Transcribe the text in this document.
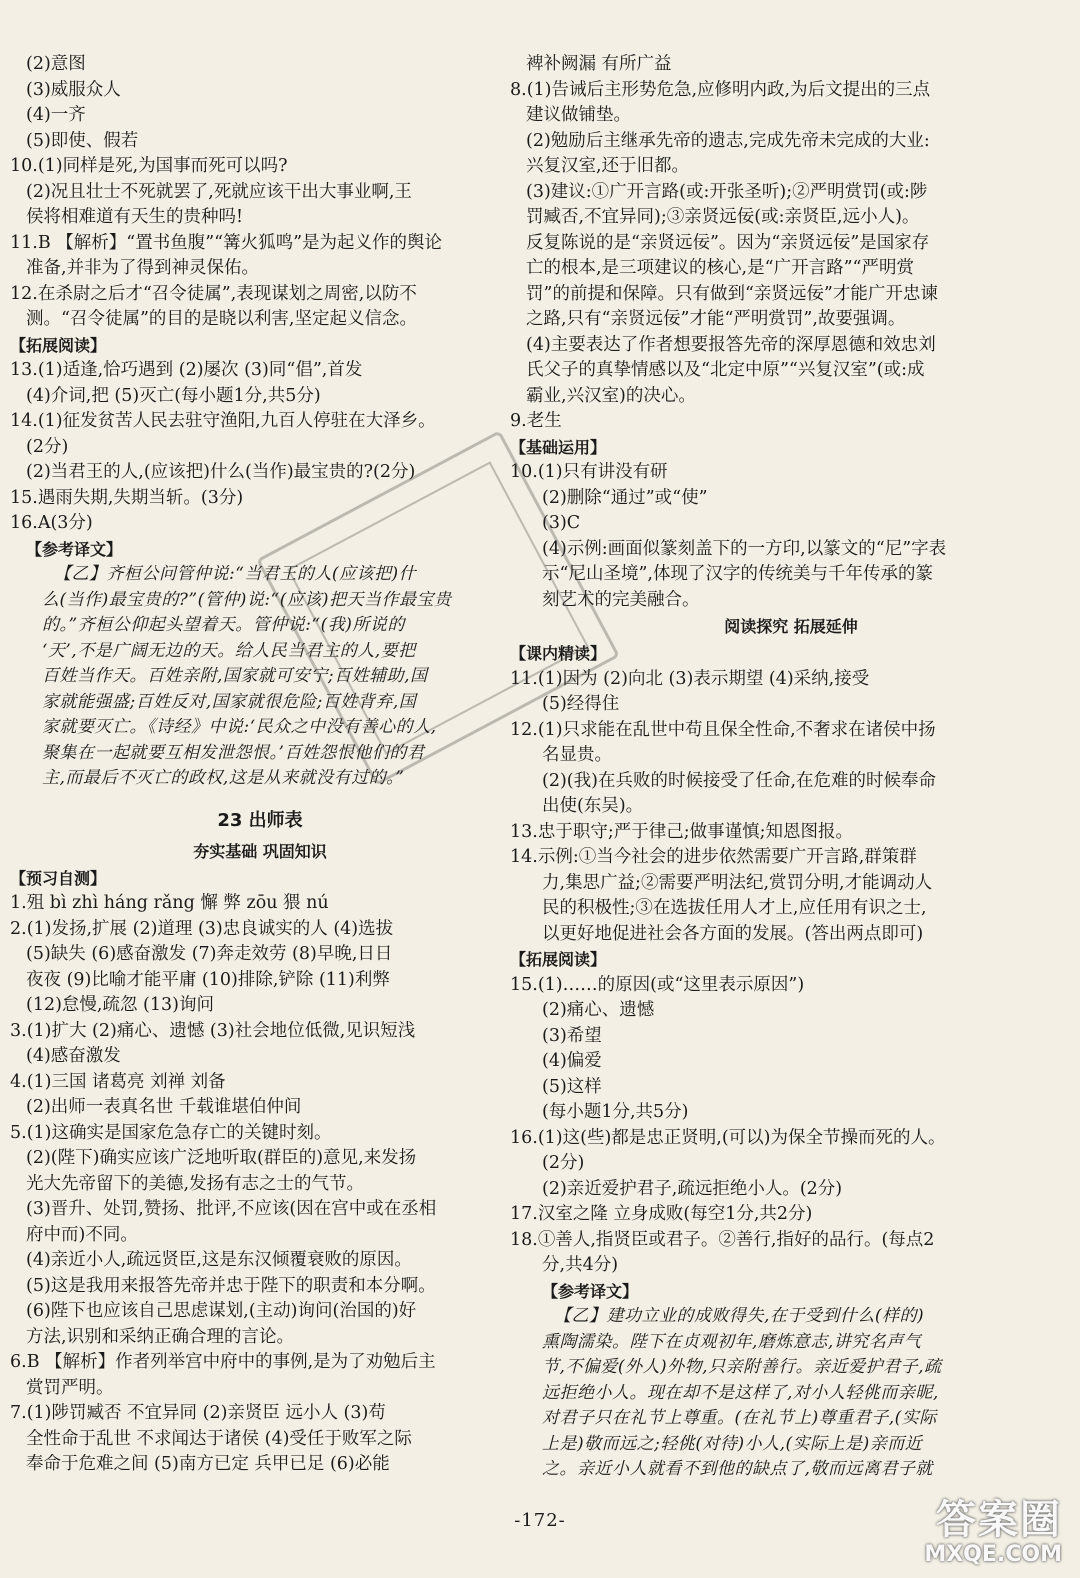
(2)意图
(3)威服众人
(4)一齐
(5)即使、假若
10.(1)同样是死,为国事而死可以吗?
(2)况且壮士不死就罢了,死就应该干出大事业啊,王
侯将相难道有天生的贵种吗!
11.B 【解析】“置书鱼腹”“篝火狐鸣”是为起义作的舆论
准备,并非为了得到神灵保佑。
12.在杀尉之后才“召令徒属”,表现谋划之周密,以防不
测。“召令徒属”的目的是晓以利害,坚定起义信念。
【拓展阅读】
13.(1)适逢,恰巧遇到 (2)屡次 (3)同“倡”,首发
(4)介词,把 (5)灭亡(每小题1分,共5分)
14.(1)征发贫苦人民去驻守渔阳,九百人停驻在大泽乡。
(2分)
(2)当君王的人,(应该把)什么(当作)最宝贵的?(2分)
15.遇雨失期,失期当斩。(3分)
16.A(3分)
【参考译文】
【乙】齐桓公问管仲说:“当君王的人(应该把)什
么(当作)最宝贵的?”(管仲)说:“(应该)把天当作最宝贵
的。”齐桓公仰起头望着天。管仲说:“(我)所说的
‘天’,不是广阔无边的天。给人民当君主的人,要把
百姓当作天。百姓亲附,国家就可安宁;百姓辅助,国
家就能强盛;百姓反对,国家就很危险;百姓背弃,国
家就要灭亡。《诗经》中说:‘民众之中没有善心的人,
聚集在一起就要互相发泄怨恨。’百姓怨恨他们的君
主,而最后不灭亡的政权,这是从来就没有过的。”
23 出师表
夯实基础 巩固知识
【预习自测】
1.殂 bì zhì háng rǎng 懈 弊 zōu 猥 nú
2.(1)发扬,扩展 (2)道理 (3)忠良诚实的人 (4)选拔
(5)缺失 (6)感奋激发 (7)奔走效劳 (8)早晚,日日
夜夜 (9)比喻才能平庸 (10)排除,铲除 (11)利弊
(12)怠慢,疏忽 (13)询问
3.(1)扩大 (2)痛心、遗憾 (3)社会地位低微,见识短浅
(4)感奋激发
4.(1)三国 诸葛亮 刘禅 刘备
(2)出师一表真名世 千载谁堪伯仲间
5.(1)这确实是国家危急存亡的关键时刻。
(2)(陛下)确实应该广泛地听取(群臣的)意见,来发扬
光大先帝留下的美德,发扬有志之士的气节。
(3)晋升、处罚,赞扬、批评,不应该(因在宫中或在丞相
府中而)不同。
(4)亲近小人,疏远贤臣,这是东汉倾覆衰败的原因。
(5)这是我用来报答先帝并忠于陛下的职责和本分啊。
(6)陛下也应该自己思虑谋划,(主动)询问(治国的)好
方法,识别和采纳正确合理的言论。
6.B 【解析】作者列举宫中府中的事例,是为了劝勉后主
赏罚严明。
7.(1)陟罚臧否 不宜异同 (2)亲贤臣 远小人 (3)苟
全性命于乱世 不求闻达于诸侯 (4)受任于败军之际
奉命于危难之间 (5)南方已定 兵甲已足 (6)必能
裨补阙漏 有所广益
8.(1)告诫后主形势危急,应修明内政,为后文提出的三点
建议做铺垫。
(2)勉励后主继承先帝的遗志,完成先帝未完成的大业:
兴复汉室,还于旧都。
(3)建议:①广开言路(或:开张圣听);②严明赏罚(或:陟
罚臧否,不宜异同);③亲贤远佞(或:亲贤臣,远小人)。
反复陈说的是“亲贤远佞”。因为“亲贤远佞”是国家存
亡的根本,是三项建议的核心,是“广开言路”“严明赏
罚”的前提和保障。只有做到“亲贤远佞”才能广开忠谏
之路,只有“亲贤远佞”才能“严明赏罚”,故要强调。
(4)主要表达了作者想要报答先帝的深厚恩德和效忠刘
氏父子的真挚情感以及“北定中原”“兴复汉室”(或:成
霸业,兴汉室)的决心。
9.老生
【基础运用】
10.(1)只有讲没有研
(2)删除“通过”或“使”
(3)C
(4)示例:画面似篆刻盖下的一方印,以篆文的“尼”字表
示“尼山圣境”,体现了汉字的传统美与千年传承的篆
刻艺术的完美融合。
阅读探究 拓展延伸
【课内精读】
11.(1)因为 (2)向北 (3)表示期望 (4)采纳,接受
(5)经得住
12.(1)只求能在乱世中苟且保全性命,不奢求在诸侯中扬
名显贵。
(2)(我)在兵败的时候接受了任命,在危难的时候奉命
出使(东吴)。
13.忠于职守;严于律己;做事谨慎;知恩图报。
14.示例:①当今社会的进步依然需要广开言路,群策群
力,集思广益;②需要严明法纪,赏罚分明,才能调动人
民的积极性;③在选拔任用人才上,应任用有识之士,
以更好地促进社会各方面的发展。(答出两点即可)
【拓展阅读】
15.(1)……的原因(或“这里表示原因”)
(2)痛心、遗憾
(3)希望
(4)偏爱
(5)这样
(每小题1分,共5分)
16.(1)这(些)都是忠正贤明,(可以)为保全节操而死的人。
(2分)
(2)亲近爱护君子,疏远拒绝小人。(2分)
17.汉室之隆 立身成败(每空1分,共2分)
18.①善人,指贤臣或君子。②善行,指好的品行。(每点2
分,共4分)
【参考译文】
【乙】建功立业的成败得失,在于受到什么(样的)
熏陶濡染。陛下在贞观初年,磨炼意志,讲究名声气
节,不偏爱(外人)外物,只亲附善行。亲近爱护君子,疏
远拒绝小人。现在却不是这样了,对小人轻佻而亲昵,
对君子只在礼节上尊重。(在礼节上)尊重君子,(实际
上是)敬而远之;轻佻(对待)小人,(实际上是)亲而近
之。亲近小人就看不到他的缺点了,敬而远离君子就
-172-	答案圈
MXQE.COM
